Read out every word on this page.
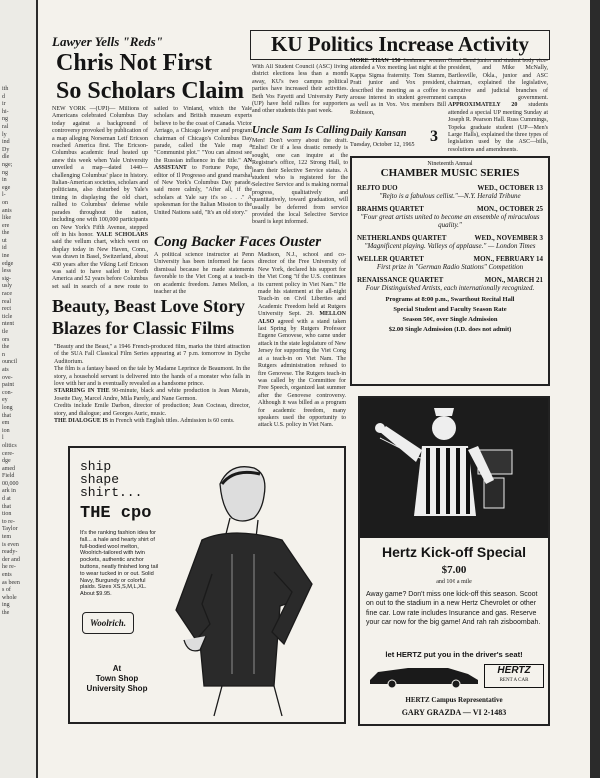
ith
d
ir
hi-
ng
ral
ly
ind
Dy
dle
nge;
ng
in
ege
l-
on
anis
like
ere
the
ut
id
ine
edge
less
sig-
usly
race
real
rect
ticle
ntent
tle
ors
the
n
ouncil
ats
ove-
paint
con-
ey
long
that
em
ion
l
olitics
cere-
dge
amed
Field
00,000
ark in
d at
that
tion
to re-
Taylor
tem
is even
ready-
der and
he re-
ents
as been
s of
whole
ing
the
Lawyer Yells "Reds"
Chris Not First
So Scholars Claim
NEW YORK —(UPI)— Millions of Americans celebrated Columbus Day today against a background of controversy provoked by publication of a map alleging Norseman Leif Ericson reached America first. The Ericson-Columbus academic feud heated up anew this week when Yale University unveiled a map—dated 1440—challenging Columbus' place in history. Italian-American societies, scholars and politicians, also disturbed by Yale's timing in displaying the old chart, rallied to Columbus' defense while parades throughout the nation, including one with 100,000 participants on New York's Fifth Avenue, stepped off in his honor. YALE SCHOLARS said the vellum chart, which went on display today in New Haven, Conn., was drawn in Basel, Switzerland, about 430 years after the Viking Leif Ericson was said to have sailed to North America and 52 years before Columbus set sail in search of a new route to
sailed to Vinland, which the Yale scholars and British museum experts believe to be the coast of Canada. Victor Arriago, a Chicago lawyer and program chairman of Chicago's Columbus Day parade, called the Yale map a "Communist plot." "You can almost see the Russian influence in the title." AN ASSISTANT to Fortune Pope, the editor of Il Progresso and grand marshal of New York's Columbus Day parade, said more calmly, "After all, if the scholars at Yale say it's so . . ." A spokesman for the Italian Mission to the United Nations said, "It's an old story."
KU Politics Increase Activity
With All Student Council (ASC) living district elections less than a month away, KU's two campus political parties have increased their activities. Beth Vos Fayetti and University Party (UP) have held rallies for supporters and other students this past week.
MORE THAN 150 freshmen women attended a Vox meeting last night at the Kappa Sigma fraternity. Tom Stamm, Pratt junior and Vox president, described the meeting as a coffee to arouse interest in student government as well as in Vox. Vox members Bill Robinson,
Great Bend junior and student body vice-president, and Mike McNally, Bartlesville, Okla., junior and ASC chairman, explained the legislative, executive and judicial branches of campus government. APPROXIMATELY 20 students attended a special UP meeting Sunday at Joseph R. Pearson Hall. Russ Cummings, Topeka graduate student (UP—Men's Large Halls), explained the three types of legislation used by the ASC—bills, resolutions and amendments.
Uncle Sam Is Calling
Men! Don't worry about the draft. Enlist! Or if a less drastic remedy is sought, one can inquire at the Registrar's office, 122 Strong Hall, to learn their Selective Service status. A student who is registered for the Selective Service and is making normal progress, qualitatively and quantitatively, toward graduation, will usually be deferred from service provided the local Selective Service board is kept informed.
Daily Kansan
Tuesday, October 12, 1965 3
Nineteenth Annual
CHAMBER MUSIC SERIES
REJTO DUO	WED., OCTOBER 13
"Rejto is a fabulous cellist."—N.Y. Herald Tribune
BRAHMS QUARTET	MON., OCTOBER 25
"Four great artists united to become an ensemble of miraculous quality."
NETHERLANDS QUARTET	WED., NOVEMBER 3
"Magnificent playing. Valleys of applause." — London Times
WELLER QUARTET	MON., FEBRUARY 14
First prize in "German Radio Stations" Competition
RENAISSANCE QUARTET	MON., MARCH 21
Four Distinguished Artists, each internationally recognized.
Programs at 8:00 p.m., Swarthout Recital Hall
Special Student and Faculty Season Rate
Season 50¢, over Single Admission
$2.00 Single Admission (I.D. does not admit)
Cong Backer Faces Ouster
A political science instructor at Penn University has been informed he faces dismissal because he made statements favorable to the Viet Cong at a teach-in on academic freedom. James Mellon, a teacher at the
Madison, N.J., school and co-director of the Free University of New York, declared his support for the Viet Cong "if the U.S. continues its current policy in Viet Nam." He made his statement at the all-night Teach-in on Civil Liberties and Academic Freedom held at Rutgers University Sept. 29. MELLON ALSO agreed with a stand taken last Spring by Rutgers Professor Eugene Genovese, who came under attack in the state legislature of New Jersey for supporting the Viet Cong at a teach-in on Viet Nam. The Rutgers administration refused to fire Genovese. The Rutgers teach-in was called by the Committee for Free Speech, organized last summer after the Genovese controversy. Although it was billed as a program for academic freedom, many speakers used the opportunity to attack U.S. policy in Viet Nam.
Beauty, Beast Love Story
Blazes for Classic Films
"Beauty and the Beast," a 1946 French-produced film, marks the third attraction of the SUA Fall Classical Film Series appearing at 7 p.m. tomorrow in Dyche Auditorium.
The film is a fantasy based on the tale by Madame Leprince de Beaumont. In the story, a household servant is delivered into the hands of a monster who falls in love with her and is eventually revealed as a handsome prince.
STARRING IN THE 90-minute, black and white production is Jean Marais, Josette Day, Marcel Andre, Mila Parely, and Nane Germon.
Credits include Emile Darbon, director of production; Jean Cocteau, director, story, and dialogue; and Georges Auric, music.
THE DIALOGUE IS in French with English titles. Admission is 60 cents.
ship
shape
shirt...
THE cpo
It's the ranking fashion idea for fall... a hale and hearty shirt of full-bodied wool melton, Woolrich-tailored with twin pockets, authentic anchor buttons, neatly finished long tail to wear tucked in or out. Solid Navy, Burgundy or colorful plaids. Sizes XS,S,M,L,XL. About $9.95.
Woolrich.
At
Town Shop
University Shop
Hertz Kick-off Special
$7.00
and 10¢ a mile
Away game? Don't miss one kick-off this season. Scoot on out to the stadium in a new Hertz Chevrolet or other fine car. Low rate includes Insurance and gas. Reserve your car now for the big game! And rah rah zisboombah.
let HERTZ put you in the driver's seat!
HERTZ
RENT A CAR
HERTZ Campus Representative
GARY GRAZDA — VI 2-1483
